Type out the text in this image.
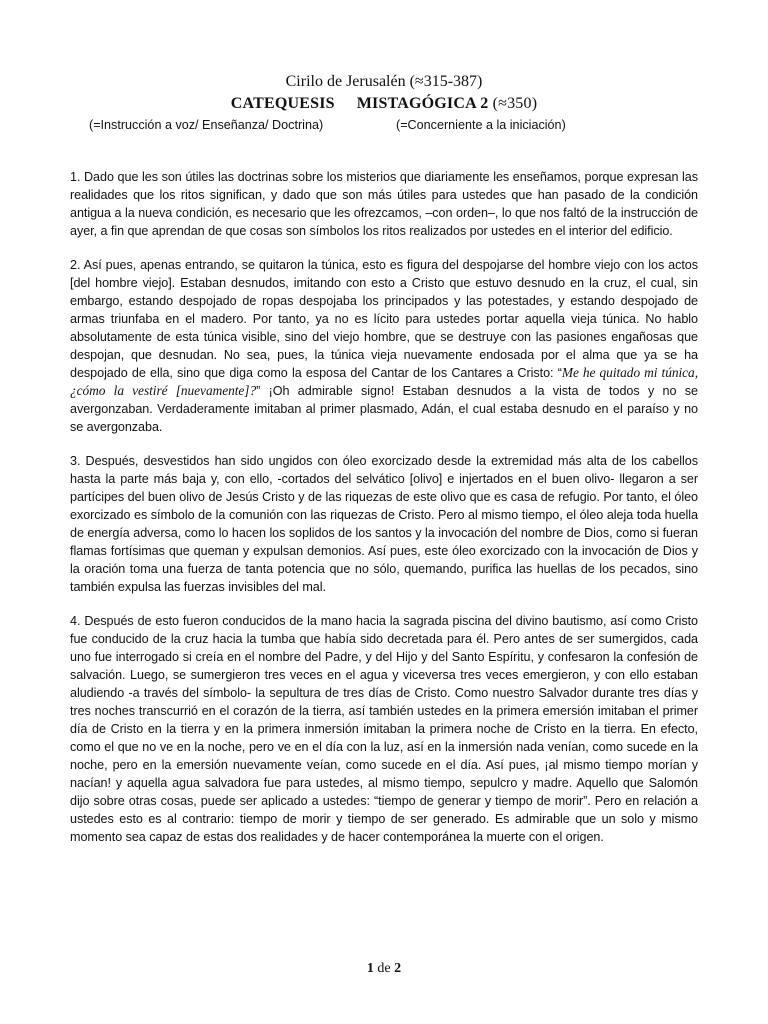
Cirilo de Jerusalén (≈315-387)
CATEQUESIS MISTAGÓGICA 2 (≈350)
(=Instrucción a voz/ Enseñanza/ Doctrina)	(=Concerniente a la iniciación)

1. Dado que les son útiles las doctrinas sobre los misterios que diariamente les enseñamos, porque expresan las realidades que los ritos significan, y dado que son más útiles para ustedes que han pasado de la condición antigua a la nueva condición, es necesario que les ofrezcamos, –con orden–, lo que nos faltó de la instrucción de ayer, a fin que aprendan de que cosas son símbolos los ritos realizados por ustedes en el interior del edificio.

2. Así pues, apenas entrando, se quitaron la túnica, esto es figura del despojarse del hombre viejo con los actos [del hombre viejo]. Estaban desnudos, imitando con esto a Cristo que estuvo desnudo en la cruz, el cual, sin embargo, estando despojado de ropas despojaba los principados y las potestades, y estando despojado de armas triunfaba en el madero. Por tanto, ya no es lícito para ustedes portar aquella vieja túnica. No hablo absolutamente de esta túnica visible, sino del viejo hombre, que se destruye con las pasiones engañosas que despojan, que desnudan. No sea, pues, la túnica vieja nuevamente endosada por el alma que ya se ha despojado de ella, sino que diga como la esposa del Cantar de los Cantares a Cristo: “Me he quitado mi túnica, ¿cómo la vestiré [nuevamente]?” ¡Oh admirable signo! Estaban desnudos a la vista de todos y no se avergonzaban. Verdaderamente imitaban al primer plasmado, Adán, el cual estaba desnudo en el paraíso y no se avergonzaba.

3. Después, desvestidos han sido ungidos con óleo exorcizado desde la extremidad más alta de los cabellos hasta la parte más baja y, con ello, -cortados del selvático [olivo] e injertados en el buen olivo- llegaron a ser partícipes del buen olivo de Jesús Cristo y de las riquezas de este olivo que es casa de refugio. Por tanto, el óleo exorcizado es símbolo de la comunión con las riquezas de Cristo. Pero al mismo tiempo, el óleo aleja toda huella de energía adversa, como lo hacen los soplidos de los santos y la invocación del nombre de Dios, como si fueran flamas fortísimas que queman y expulsan demonios. Así pues, este óleo exorcizado con la invocación de Dios y la oración toma una fuerza de tanta potencia que no sólo, quemando, purifica las huellas de los pecados, sino también expulsa las fuerzas invisibles del mal.

4. Después de esto fueron conducidos de la mano hacia la sagrada piscina del divino bautismo, así como Cristo fue conducido de la cruz hacia la tumba que había sido decretada para él. Pero antes de ser sumergidos, cada uno fue interrogado si creía en el nombre del Padre, y del Hijo y del Santo Espíritu, y confesaron la confesión de salvación. Luego, se sumergieron tres veces en el agua y viceversa tres veces emergieron, y con ello estaban aludiendo -a través del símbolo- la sepultura de tres días de Cristo. Como nuestro Salvador durante tres días y tres noches transcurrió en el corazón de la tierra, así también ustedes en la primera emersión imitaban el primer día de Cristo en la tierra y en la primera inmersión imitaban la primera noche de Cristo en la tierra. En efecto, como el que no ve en la noche, pero ve en el día con la luz, así en la inmersión nada venían, como sucede en la noche, pero en la emersión nuevamente veían, como sucede en el día. Así pues, ¡al mismo tiempo morían y nacían! y aquella agua salvadora fue para ustedes, al mismo tiempo, sepulcro y madre. Aquello que Salomón dijo sobre otras cosas, puede ser aplicado a ustedes: “tiempo de generar y tiempo de morir”. Pero en relación a ustedes esto es al contrario: tiempo de morir y tiempo de ser generado. Es admirable que un solo y mismo momento sea capaz de estas dos realidades y de hacer contemporánea la muerte con el origen.

1 de 2
